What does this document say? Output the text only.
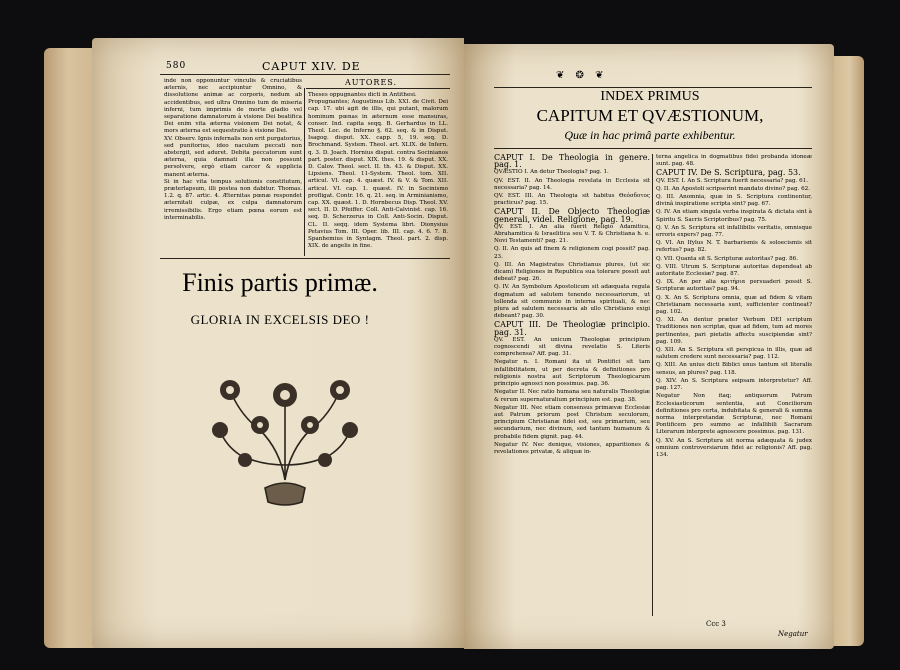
580	CAPUT XIV. DE
AUTORES.
inde non opponuntur vinculis & cruciatibus æternis, nec accipiuntur Omnino, & dissolutione animæ ac corporis, nedum ab accidentibus, sed ultra Omnino tum de miseria inferni, tum imprimis de morte gladio vel separatione damnatorum à visione Dei beatifica Dei enim vita æterna visionem Dei notat, & mors æterna est sequestratio à visione Dei.
XV. Observ. Ignis infernalis non erit purgatorius, sed punitorius, ideo naculum peccati non abstergit, sed aduret. Debita peccatorum sunt æterna, quia damnati illa non possunt persolvere, ergò etiam carcer & supplicia manent æterna.
Si in hac vita tempus solutionis constitutum, præterlapsum, illi postea non dabitur. Thomas. 1.2. q. 87. artic. 4. Æternitas pœnæ respondet æternitati culpæ, ex culpa damnatorum irremissibilis. Ergo etiam pœna eorum est interminabilis.
Theses oppugnantes dicti in Antithesi.
Propugnantes; Augustinus Lib. XXI. de Civit. Dei cap. 17. ubi agit de illis, qui putant, malorum hominum pœnas in æternum esse mansuras, conser. Ind. capita seqq. B. Gerhardus in LL. Theol. Loc. de Inferno §. 62. seq. & in Disput. Isagog. disput. XX. capp. 5, 19. seq. D. Brochmand. System. Theol. art. XLIX. de Infern. q. 3. D. Joach. Hornius disput. contra Socinianos part. poster. disput. XIX. thes. 19. & disput. XX. D. Calov. Theol. sect. II. th. 43. & Disput. XX. Lipsiens. Theol. 11-System. Theol. tom. XII. articul. VI. cap. 4. quæst. IV. & V. & Tom. XII. articul. VI. cap. 1. quæst. IV. in Socinismo profligat. Contr. 16. q. 21. seq. in Arminianismo, cap. XX. quæst. 1. D. Hornbecus Disp. Theol. XV. sect. II. D. Pfeiffer. Coll. Anti-Calvinist. cap. 16. seq. D. Scherzerus in Coll. Anti-Socin. Disput. CL. II. seqq. idem Systema libri. Dionysius Petavius Tom. III. Oper. lib. III. cap. 4. 6. 7. 8. Spanhemius in Syntagm. Theol. part. 2. disp. XIX. de angelis in fine.
Finis partis primæ.
GLORIA IN EXCELSIS DEO !
❦ ❂ ❦
INDEX PRIMUS
CAPITUM ET QVÆSTIONUM,
Quæ in hac primâ parte exhibentur.
CAPUT I. De Theologia in genere. pag. 1.
QVÆSTIO I. An detur Theologia? pag. 1.
QV. EST. II. An Theologia revelata in Ecclesia sit necessaria? pag. 14.
QV. EST. III. An Theologia sit habitus Θεόσδοτος practicus? pag. 15.
CAPUT II. De Objecto Theologiæ generali, videl. Religione, pag. 19.
QV. EST. I. An alia fuerit Religio Adamitica, Abrahamitica & Israelitica seu V. T. & Christiana h. e. Novi Testamenti? pag. 21.
Q. II. An quis ad finem & religionem cogi possit? pag. 23.
Q. III. An Magistratus Christianus plures, (ut sic dicam) Religiones in Republica sua tolerare possit aut debeat? pag. 26.
Q. IV. An Symbolum Apostolicum sit adæquata regula dogmatum ad salutem tenendo necessariorum, ut tollenda sit communio in interna spirituali, & nec plura ad salutem necessaria ab ullo Christiano exigi debeant? pag. 30.
CAPUT III. De Theologiæ principio. pag. 31.
QV. EST. An unicum Theologiæ principium cognoscendi sit divina revelatio S. Literis comprehensa? Aff. pag. 31.
Negatur n. I. Romani ita ut Pontifici sit tam infallibilitatem, ut per decreta & definitiones pro religionis nostra aut Scriptorum Theologicarum principio agnosci non possimus. pag. 36.
Negatur II. Nec ratio humana seu naturalis Theologiæ & rerum supernaturalium principium est. pag. 38.
Negatur III. Nec etiam consensus primævæ Ecclesiæ aut Patrum priorum post Christum seculorum, principium Christianæ fidei est, seu primarium, seu secundarium, nec divinum, sed tantum humanum & probabile fidem gignit. pag. 44.
Negatur IV. Nec denique, visiones, apparitiones & revelationes privatæ, & aliquæ in-
terna angelica in dogmatibus fidei probanda idoneæ sunt. pag. 48.
CAPUT IV. De S. Scriptura, pag. 53.
QV. EST. I. An S. Scriptura fuerit necessaria? pag. 61.
Q. II. An Apostoli scripserint mandato divino? pag. 62.
Q. III. Anomnia, quæ in S. Scriptura continentur, divinâ inspiratione scripta sint? pag. 67.
Q. IV. An etiam singula verba inspirata & dictata sint à Spiritu S. Sacris Scriptoribus? pag. 75.
Q. V. An S. Scriptura sit infallibilis veritatis, omnisque erroris expers? pag. 77.
Q. VI. An Ifylus N. T. barbarismis & soloecismis sit refertus? pag. 82.
Q. VII. Quanta sit S. Scripturæ autoritas? pag. 86.
Q. VIII. Utrum S. Scripturæ autoritas dependeat ab autoritate Ecclesiæ? pag. 87.
Q. IX. An per alia κριτήρια persuaderi possit S. Scripturæ autoritas? pag. 94.
Q. X. An S. Scriptura omnia, quæ ad fidem & vitam Christianam necessaria sunt, sufficienter contineat? pag. 102.
Q. XI. An dentur præter Verbum DEI scriptum Traditiones non scriptæ, quæ ad fidem, tum ad mores pertinentes, pari pietatis affectu suscipiendæ sint? pag. 109.
Q. XII. An S. Scriptura sit perspicua in illis, quæ ad salutem credere sunt necessaria? pag. 112.
Q. XIII. An unius dicti Biblici unus tantum sit literalis sensus, an plures? pag. 118.
Q. XIV. An S. Scriptura seipsam interpretetur? Aff. pag. 127.
Negatur Non itaq; antiquorum Patrum Ecclesiasticorum sententia, aut Conciliorum definitiones pro certa, indubitata & generali & summa norma interpretandæ Scripturæ, nec Romani Pontificem pro summo ac infallibili Sacrarum Literarum interprete agnoscere possimus. pag. 131.
Q. XV. An S. Scriptura sit norma adæquata & judex omnium controversiarum fidei ac religionis? Aff. pag. 134.
Ccc 3
Negatur
